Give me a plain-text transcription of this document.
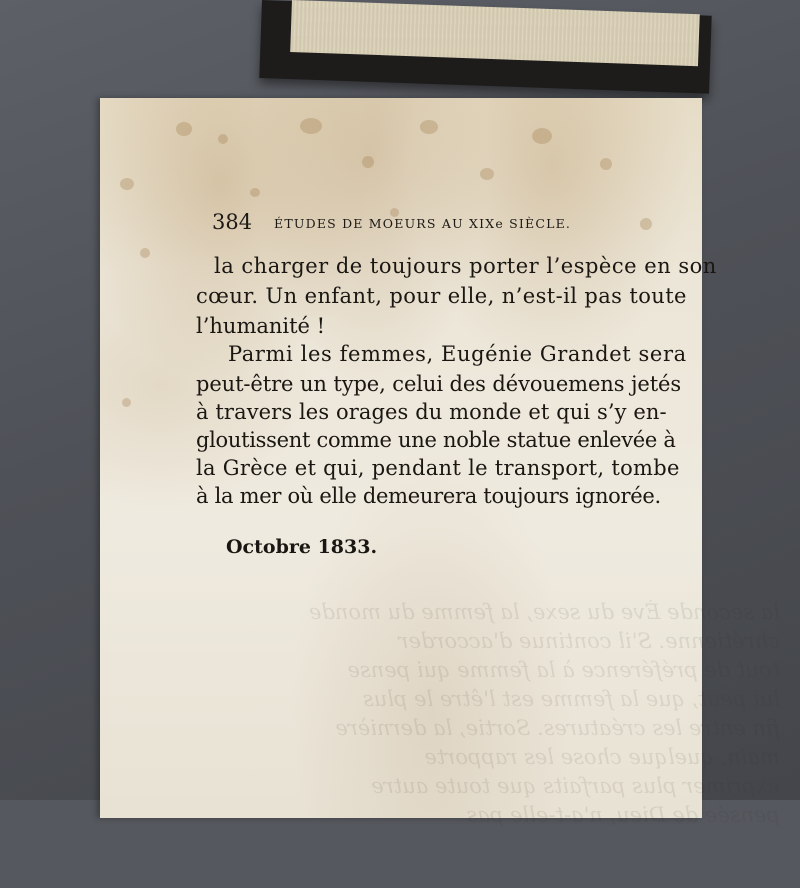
la seconde Ève du sexe, la femme du monde
chrétienne. S'il continue d'accorder
tout de préférence à la femme qui pense
lui peut, que la femme est l'être le plus
fin entre les créatures. Sortie, la dernière
main, quelque chose les rapporte
exprimer plus parfaits que toute autre
pensée de Dieu, n'a-t-elle pas
384 ÉTUDES DE MOEURS AU XIXe SIÈCLE.
la charger de toujours porter l’espèce en son
cœur. Un enfant, pour elle, n’est-il pas toute
l’humanité !
Parmi les femmes, Eugénie Grandet sera
peut-être un type, celui des dévouemens jetés
à travers les orages du monde et qui s’y en-
gloutissent comme une noble statue enlevée à
la Grèce et qui, pendant le transport, tombe
à la mer où elle demeurera toujours ignorée.
Octobre 1833.
